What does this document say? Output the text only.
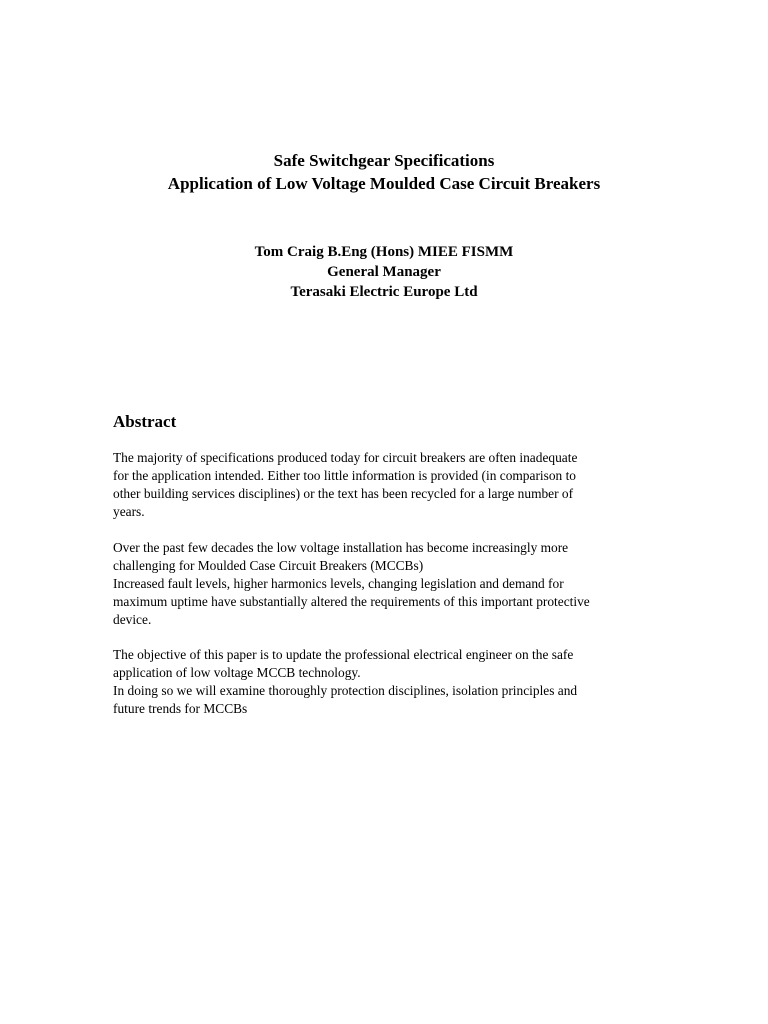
Safe Switchgear Specifications
Application of Low Voltage Moulded Case Circuit Breakers
Tom Craig B.Eng (Hons) MIEE FISMM
General Manager
Terasaki Electric Europe Ltd
Abstract
The majority of specifications produced today for circuit breakers are often inadequate
for the application intended. Either too little information is provided (in comparison to
other building services disciplines) or the text has been recycled for a large number of
years.
Over the past few decades the low voltage installation has become increasingly more
challenging for Moulded Case Circuit Breakers (MCCBs)
Increased fault levels, higher harmonics levels, changing legislation and demand for
maximum uptime have substantially altered the requirements of this important protective
device.
The objective of this paper is to update the professional electrical engineer on the safe
application of low voltage MCCB technology.
In doing so we will examine thoroughly protection disciplines, isolation principles and
future trends for MCCBs
